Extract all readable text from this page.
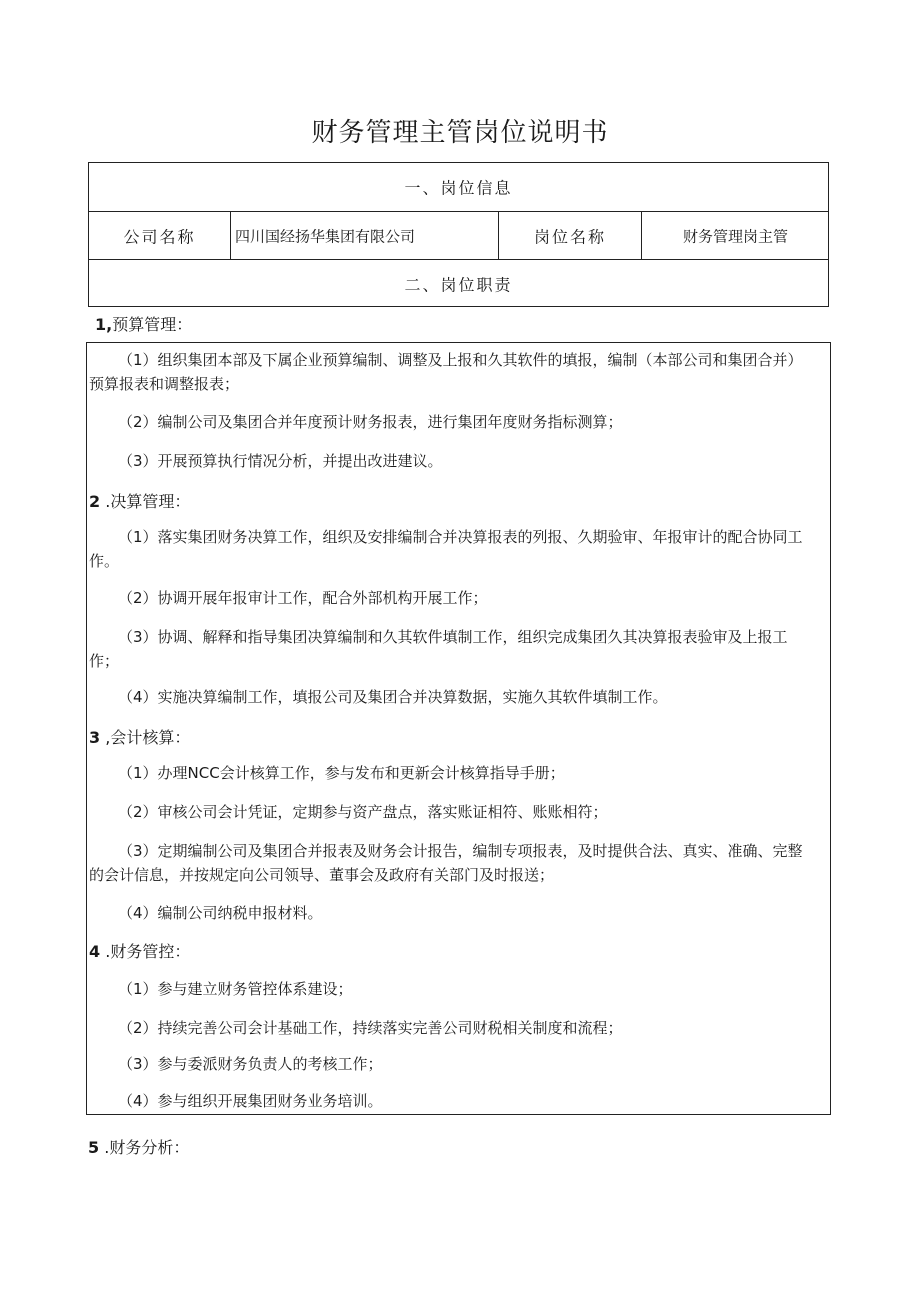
财务管理主管岗位说明书
一、岗位信息
公司名称	四川国经扬华集团有限公司	岗位名称	财务管理岗主管
二、岗位职责
1,预算管理：
（1）组织集团本部及下属企业预算编制、调整及上报和久其软件的填报，编制（本部公司和集团合并）预算报表和调整报表；
（2）编制公司及集团合并年度预计财务报表，进行集团年度财务指标测算；
（3）开展预算执行情况分析，并提出改进建议。
2 .决算管理：
（1）落实集团财务决算工作，组织及安排编制合并决算报表的列报、久期验审、年报审计的配合协同工作。
（2）协调开展年报审计工作，配合外部机构开展工作；
（3）协调、解释和指导集团决算编制和久其软件填制工作，组织完成集团久其决算报表验审及上报工作；
（4）实施决算编制工作，填报公司及集团合并决算数据，实施久其软件填制工作。
3 ,会计核算：
（1）办理NCC会计核算工作，参与发布和更新会计核算指导手册；
（2）审核公司会计凭证，定期参与资产盘点，落实账证相符、账账相符；
（3）定期编制公司及集团合并报表及财务会计报告，编制专项报表，及时提供合法、真实、准确、完整的会计信息，并按规定向公司领导、董事会及政府有关部门及时报送；
（4）编制公司纳税申报材料。
4 .财务管控：
（1）参与建立财务管控体系建设；
（2）持续完善公司会计基础工作，持续落实完善公司财税相关制度和流程；
（3）参与委派财务负责人的考核工作；
（4）参与组织开展集团财务业务培训。
5 .财务分析：
